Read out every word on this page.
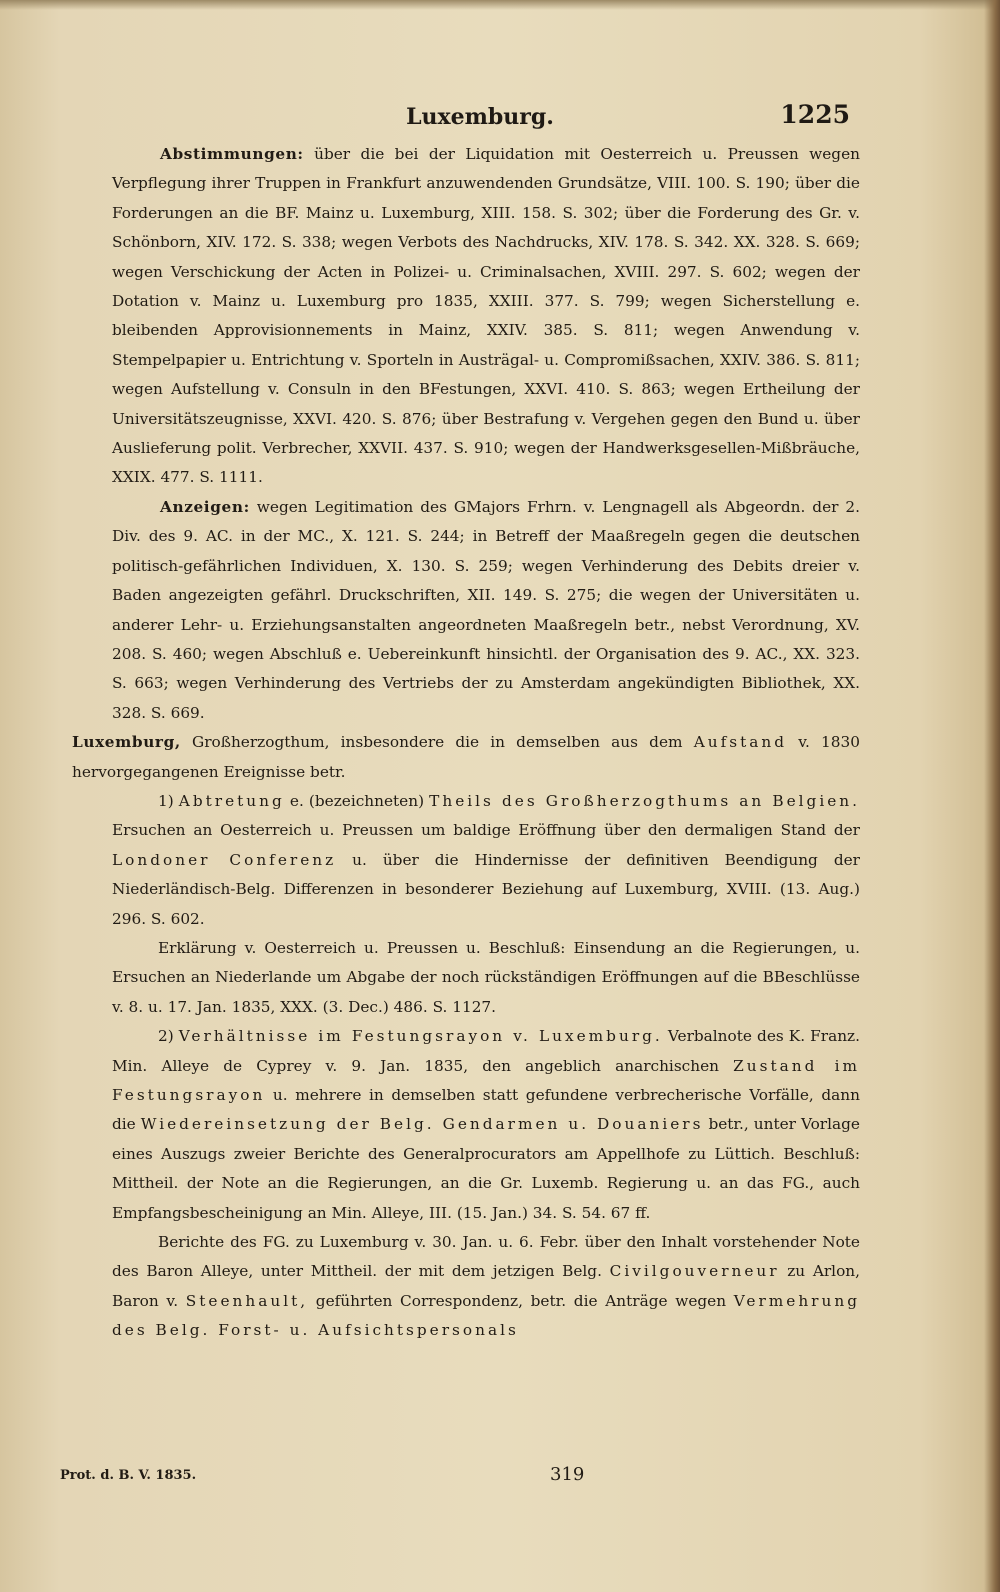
Luxemburg.	1225

Abstimmungen: über die bei der Liquidation mit Oesterreich u. Preussen wegen Verpflegung ihrer Truppen in Frankfurt anzuwendenden Grundsätze, VIII. 100. S. 190; über die Forderungen an die BF. Mainz u. Luxemburg, XIII. 158. S. 302; über die Forderung des Gr. v. Schönborn, XIV. 172. S. 338; wegen Verbots des Nachdrucks, XIV. 178. S. 342. XX. 328. S. 669; wegen Verschickung der Acten in Polizei- u. Criminalsachen, XVIII. 297. S. 602; wegen der Dotation v. Mainz u. Luxemburg pro 1835, XXIII. 377. S. 799; wegen Sicherstellung e. bleibenden Approvisionnements in Mainz, XXIV. 385. S. 811; wegen Anwendung v. Stempelpapier u. Entrichtung v. Sporteln in Austrägal- u. Compromißsachen, XXIV. 386. S. 811; wegen Aufstellung v. Consuln in den BFestungen, XXVI. 410. S. 863; wegen Ertheilung der Universitätszeugnisse, XXVI. 420. S. 876; über Bestrafung v. Vergehen gegen den Bund u. über Auslieferung polit. Verbrecher, XXVII. 437. S. 910; wegen der Handwerksgesellen-Mißbräuche, XXIX. 477. S. 1111.

Anzeigen: wegen Legitimation des GMajors Frhrn. v. Lengnagell als Abgeordn. der 2. Div. des 9. AC. in der MC., X. 121. S. 244; in Betreff der Maaßregeln gegen die deutschen politisch-gefährlichen Individuen, X. 130. S. 259; wegen Verhinderung des Debits dreier v. Baden angezeigten gefährl. Druckschriften, XII. 149. S. 275; die wegen der Universitäten u. anderer Lehr- u. Erziehungsanstalten angeordneten Maaßregeln betr., nebst Verordnung, XV. 208. S. 460; wegen Abschluß e. Uebereinkunft hinsichtl. der Organisation des 9. AC., XX. 323. S. 663; wegen Verhinderung des Vertriebs der zu Amsterdam angekündigten Bibliothek, XX. 328. S. 669.

Luxemburg, Großherzogthum, insbesondere die in demselben aus dem Aufstand v. 1830 hervorgegangenen Ereignisse betr.

1) Abtretung e. (bezeichneten) Theils des Großherzogthums an Belgien. Ersuchen an Oesterreich u. Preussen um baldige Eröffnung über den dermaligen Stand der Londoner Conferenz u. über die Hindernisse der definitiven Beendigung der Niederländisch-Belg. Differenzen in besonderer Beziehung auf Luxemburg, XVIII. (13. Aug.) 296. S. 602.

Erklärung v. Oesterreich u. Preussen u. Beschluß: Einsendung an die Regierungen, u. Ersuchen an Niederlande um Abgabe der noch rückständigen Eröffnungen auf die BBeschlüsse v. 8. u. 17. Jan. 1835, XXX. (3. Dec.) 486. S. 1127.

2) Verhältnisse im Festungsrayon v. Luxemburg. Verbalnote des K. Franz. Min. Alleye de Cyprey v. 9. Jan. 1835, den angeblich anarchischen Zustand im Festungsrayon u. mehrere in demselben statt gefundene verbrecherische Vorfälle, dann die Wiedereinsetzung der Belg. Gendarmen u. Douaniers betr., unter Vorlage eines Auszugs zweier Berichte des Generalprocurators am Appellhofe zu Lüttich. Beschluß: Mittheil. der Note an die Regierungen, an die Gr. Luxemb. Regierung u. an das FG., auch Empfangsbescheinigung an Min. Alleye, III. (15. Jan.) 34. S. 54. 67 ff.

Berichte des FG. zu Luxemburg v. 30. Jan. u. 6. Febr. über den Inhalt vorstehender Note des Baron Alleye, unter Mittheil. der mit dem jetzigen Belg. Civilgouverneur zu Arlon, Baron v. Steenhault, geführten Correspondenz, betr. die Anträge wegen Vermehrung des Belg. Forst- u. Aufsichtspersonals

Prot. d. B. V. 1835.	319
